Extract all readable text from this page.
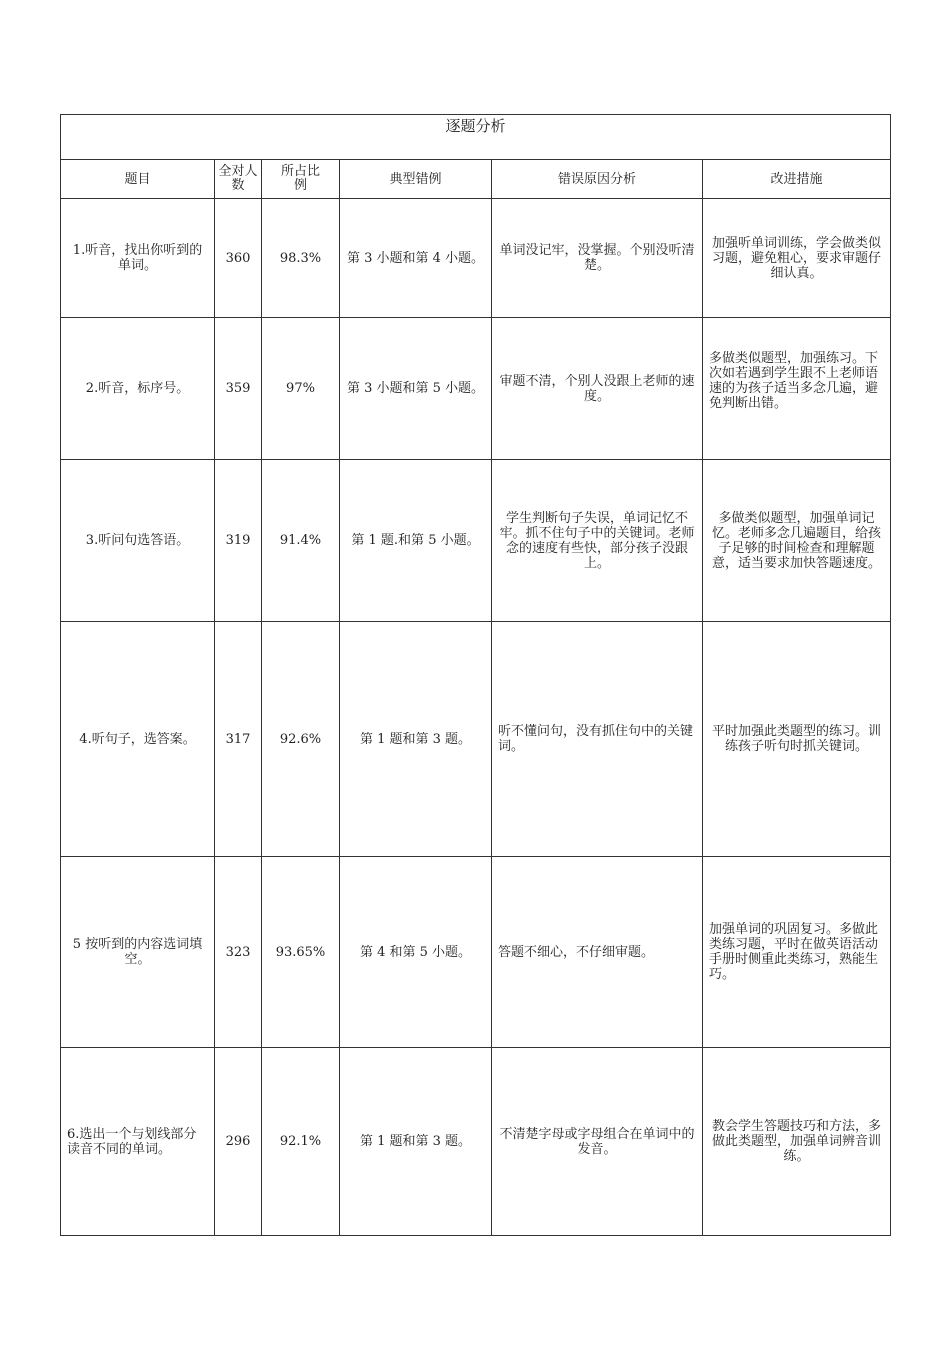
逐题分析					
题目	全对人数	所占比例	典型错例	错误原因分析	改进措施
1.听音，找出你听到的单词。	360	98.3%	第 3 小题和第 4 小题。	单词没记牢，没掌握。个别没听清楚。	加强听单词训练，学会做类似习题，避免粗心，要求审题仔细认真。
2.听音，标序号。	359	97%	第 3 小题和第 5 小题。	审题不清，个别人没跟上老师的速度。	多做类似题型，加强练习。下次如若遇到学生跟不上老师语速的为孩子适当多念几遍，避免判断出错。

3.听问句选答语。	319	91.4%	第 1 题.和第 5 小题。	学生判断句子失误，单词记忆不牢。抓不住句子中的关键词。老师念的速度有些快，部分孩子没跟上。	多做类似题型，加强单词记忆。老师多念几遍题目，给孩子足够的时间检查和理解题意，适当要求加快答题速度。
4.听句子，选答案。	317	92.6%	第 1 题和第 3 题。	听不懂问句，没有抓住句中的关键词。	平时加强此类题型的练习。训练孩子听句时抓关键词。
5 按听到的内容选词填空。	323	93.65%	第 4 和第 5 小题。	答题不细心，不仔细审题。	加强单词的巩固复习。多做此类练习题，平时在做英语活动手册时侧重此类练习，熟能生巧。
6.选出一个与划线部分读音不同的单词。	296	92.1%	第 1 题和第 3 题。	不清楚字母或字母组合在单词中的发音。	教会学生答题技巧和方法，多做此类题型，加强单词辨音训练。
